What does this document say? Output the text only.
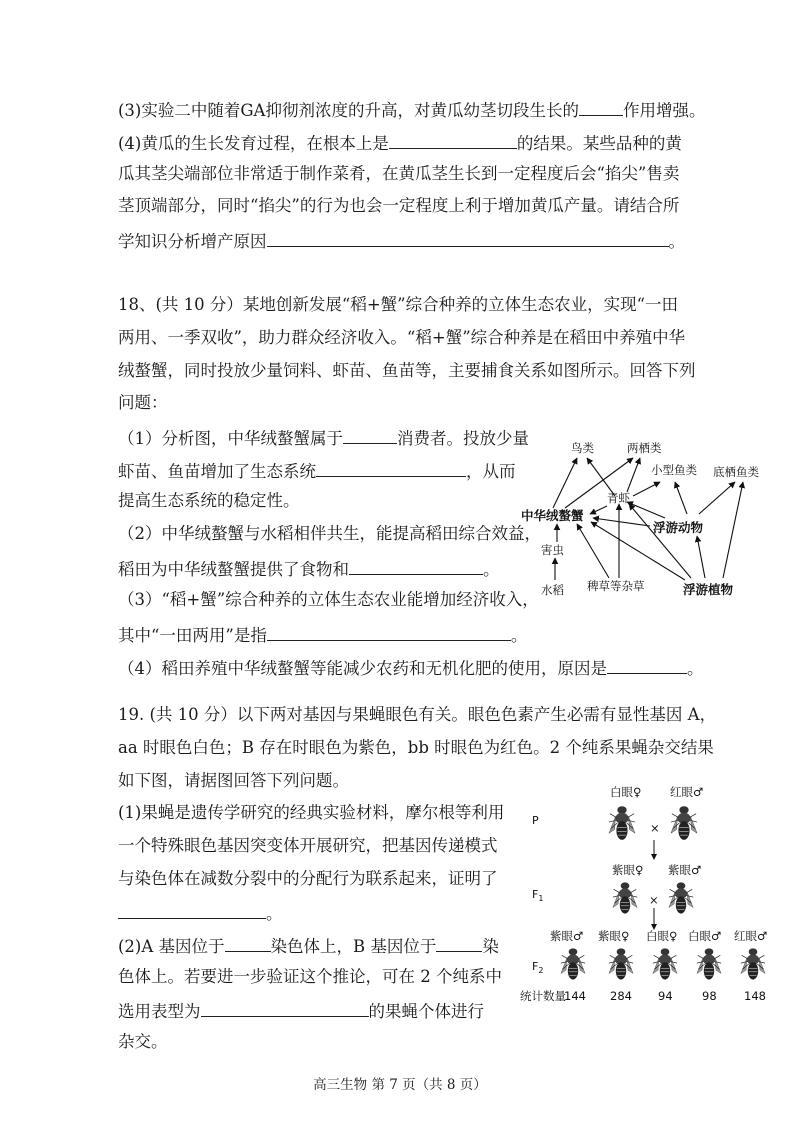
(3)实验二中随着GA抑彻剂浓度的升高，对黄瓜幼茎切段生长的	作用增强。
(4)黄瓜的生长发育过程，在根本上是	的结果。某些品种的黄
瓜其茎尖端部位非常适于制作菜肴，在黄瓜茎生长到一定程度后会“掐尖”售卖
茎顶端部分，同时“掐尖”的行为也会一定程度上利于增加黄瓜产量。请结合所
学知识分析增产原因	。
18、(共 10 分）某地创新发展“稻+蟹”综合种养的立体生态农业，实现“一田
两用、一季双收”，助力群众经济收入。“稻+蟹”综合种养是在稻田中养殖中华
绒螯蟹，同时投放少量饲料、虾苗、鱼苗等，主要捕食关系如图所示。回答下列
问题：
（1）分析图，中华绒螯蟹属于	消费者。投放少量
虾苗、鱼苗增加了生态系统	，从而
提高生态系统的稳定性。
（2）中华绒螯蟹与水稻相伴共生，能提高稻田综合效益，
稻田为中华绒螯蟹提供了食物和	。
（3）“稻+蟹”综合种养的立体生态农业能增加经济收入，
其中“一田两用”是指	。
（4）稻田养殖中华绒螯蟹等能减少农药和无机化肥的使用，原因是	。
鸟类	两栖类
小型鱼类 底栖鱼类
青虾
中华绒螯蟹
浮游动物
害虫
水稻 稗草等杂草	浮游植物
19. (共 10 分）以下两对基因与果蝇眼色有关。眼色色素产生必需有显性基因 A，
aa 时眼色白色；B 存在时眼色为紫色，bb 时眼色为红色。2 个纯系果蝇杂交结果
如下图，请据图回答下列问题。
(1)果蝇是遗传学研究的经典实验材料，摩尔根等利用
一个特殊眼色基因突变体开展研究，把基因传递模式
与染色体在减数分裂中的分配行为联系起来，证明了
。
(2)A 基因位于	染色体上，B 基因位于	染
色体上。若要进一步验证这个推论，可在 2 个纯系中
选用表型为	的果蝇个体进行
杂交。
P
白眼♀ 红眼♂
×
$F_1$
紫眼♀ 紫眼♂
×
$F_2$
紫眼♂ 紫眼♀ 白眼♀ 白眼♂ 红眼♂
统计数量
144 284 94	98 148
高三生物 第 7 页（共 8 页）
